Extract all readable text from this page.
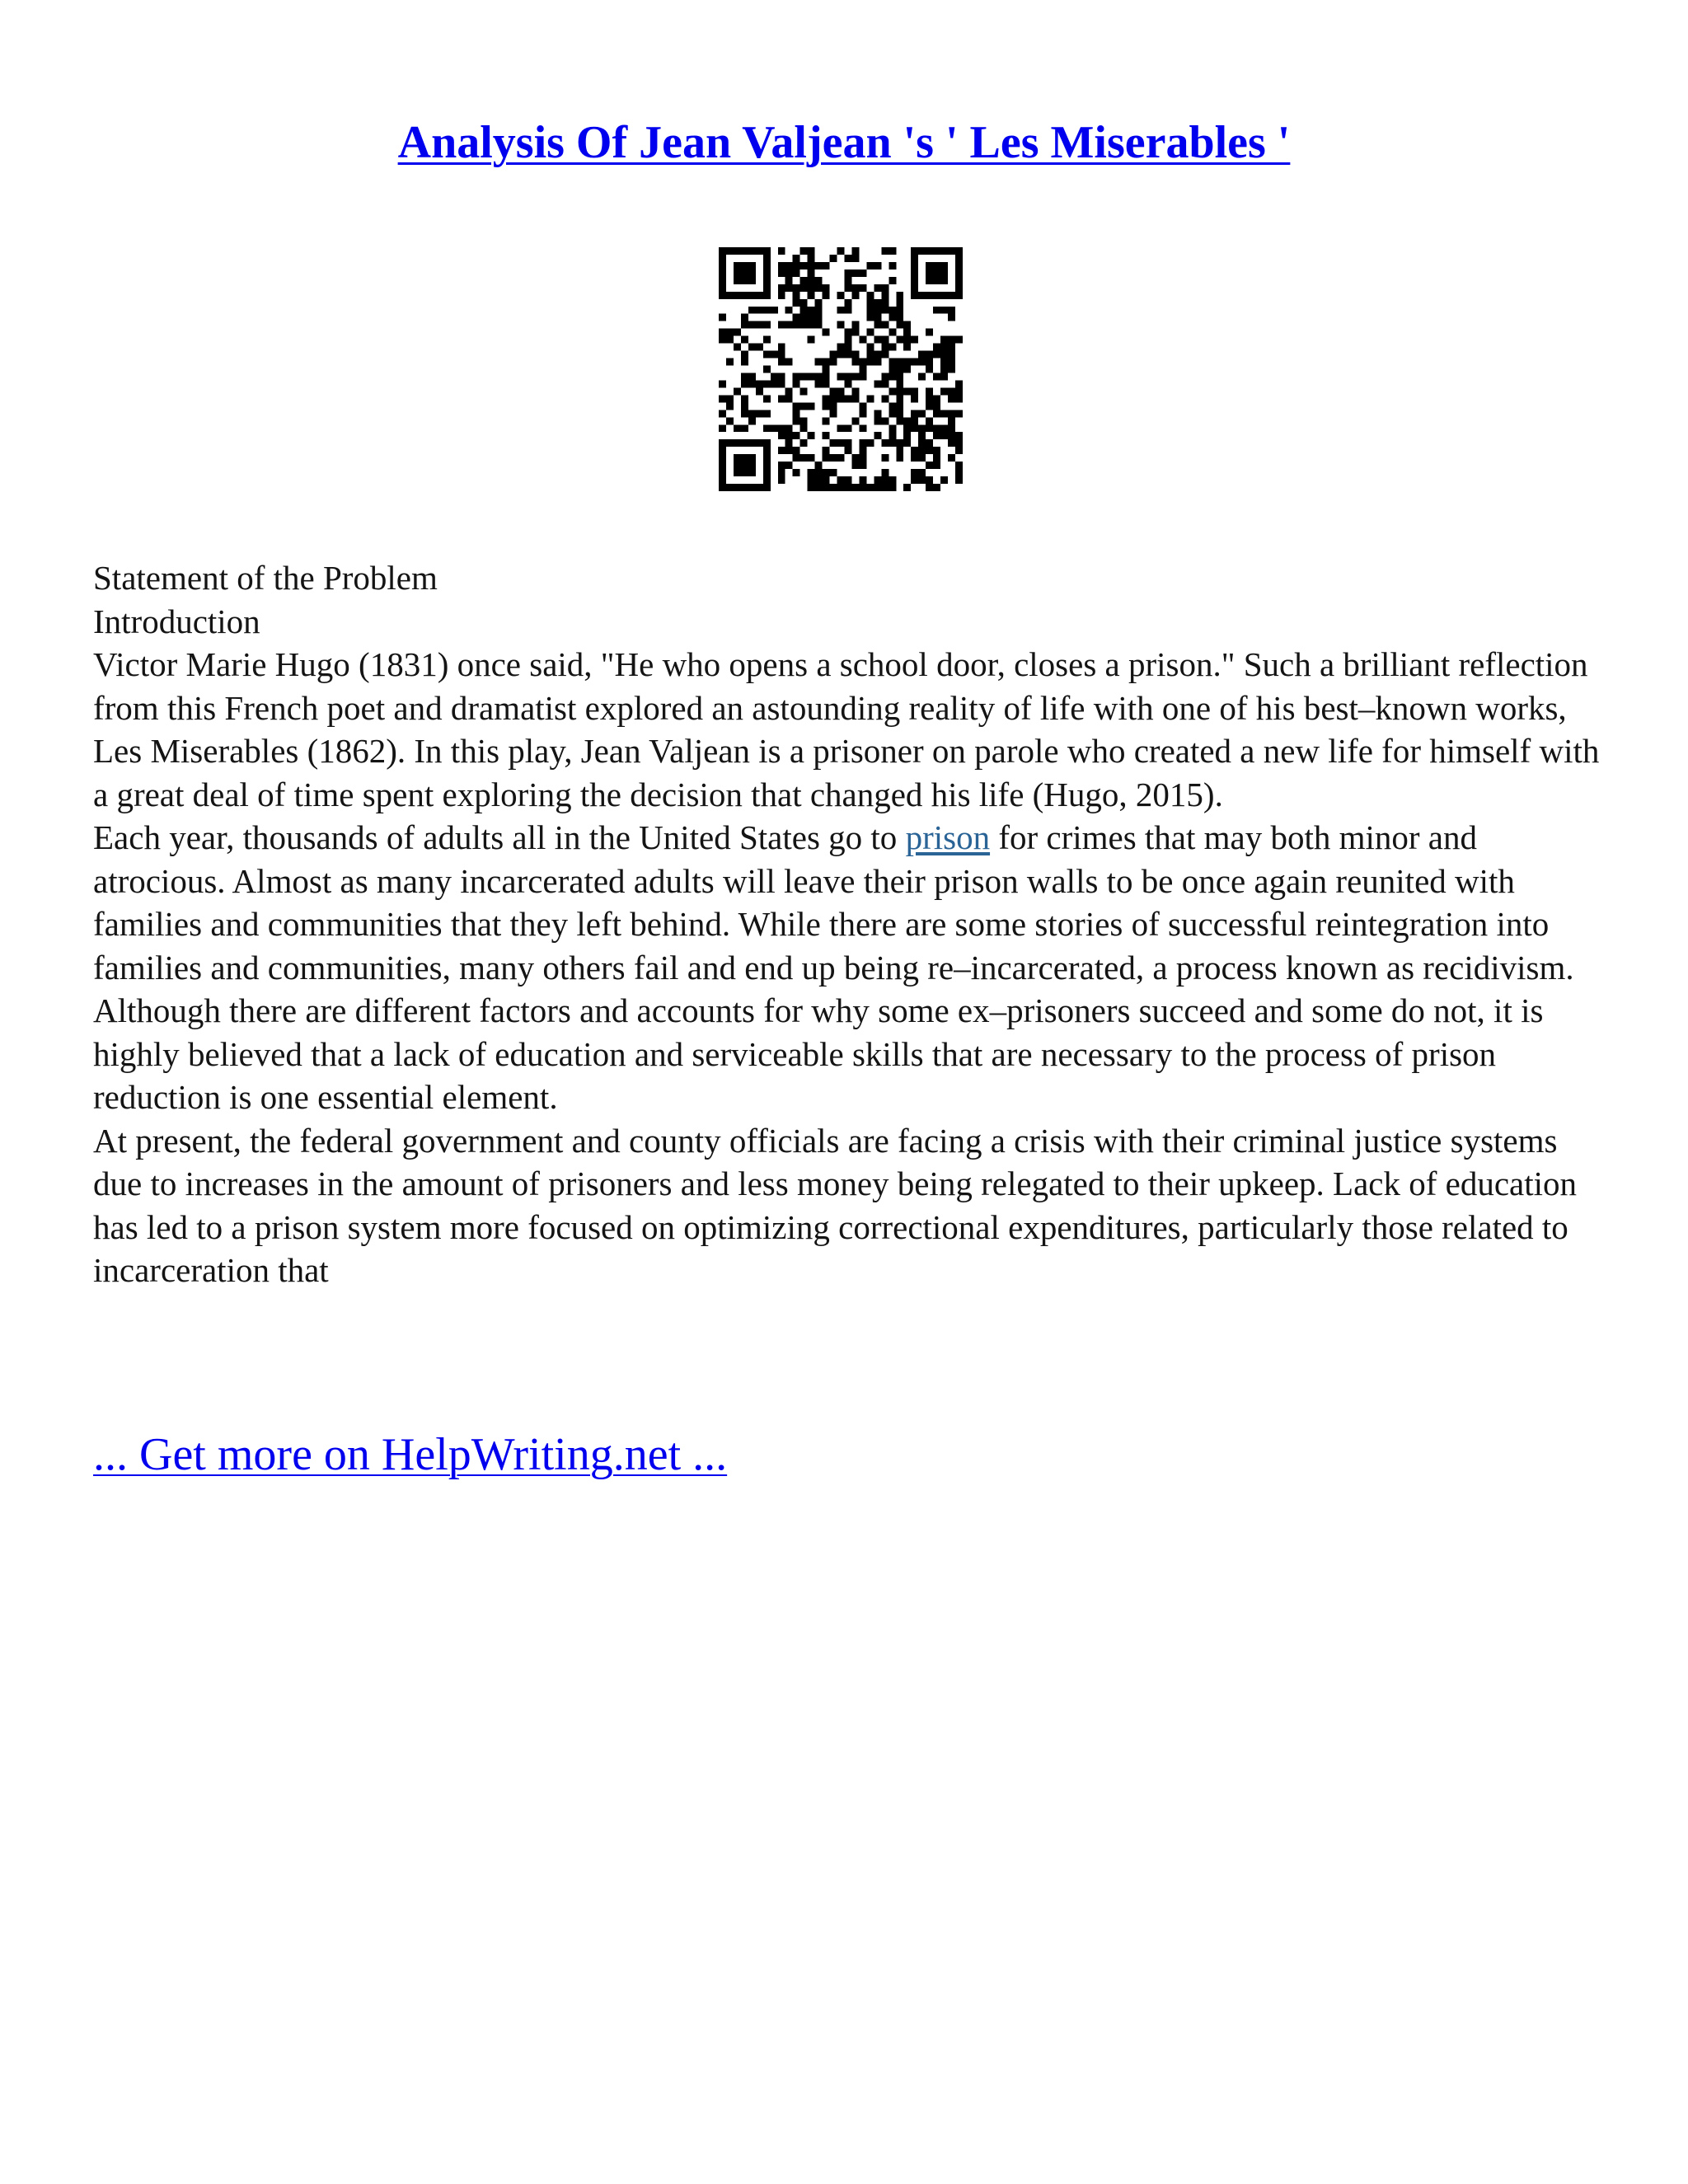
Analysis Of Jean Valjean 's ' Les Miserables '

Statement of the Problem

Introduction

Victor Marie Hugo (1831) once said, "He who opens a school door, closes a prison." Such a brilliant reflection from this French poet and dramatist explored an astounding reality of life with one of his best–known works, Les Miserables (1862). In this play, Jean Valjean is a prisoner on parole who created a new life for himself with a great deal of time spent exploring the decision that changed his life (Hugo, 2015).

Each year, thousands of adults all in the United States go to prison for crimes that may both minor and atrocious. Almost as many incarcerated adults will leave their prison walls to be once again reunited with families and communities that they left behind. While there are some stories of successful reintegration into families and communities, many others fail and end up being re–incarcerated, a process known as recidivism.

Although there are different factors and accounts for why some ex–prisoners succeed and some do not, it is highly believed that a lack of education and serviceable skills that are necessary to the process of prison reduction is one essential element.

At present, the federal government and county officials are facing a crisis with their criminal justice systems due to increases in the amount of prisoners and less money being relegated to their upkeep. Lack of education has led to a prison system more focused on optimizing correctional expenditures, particularly those related to incarceration that

... Get more on HelpWriting.net ...
